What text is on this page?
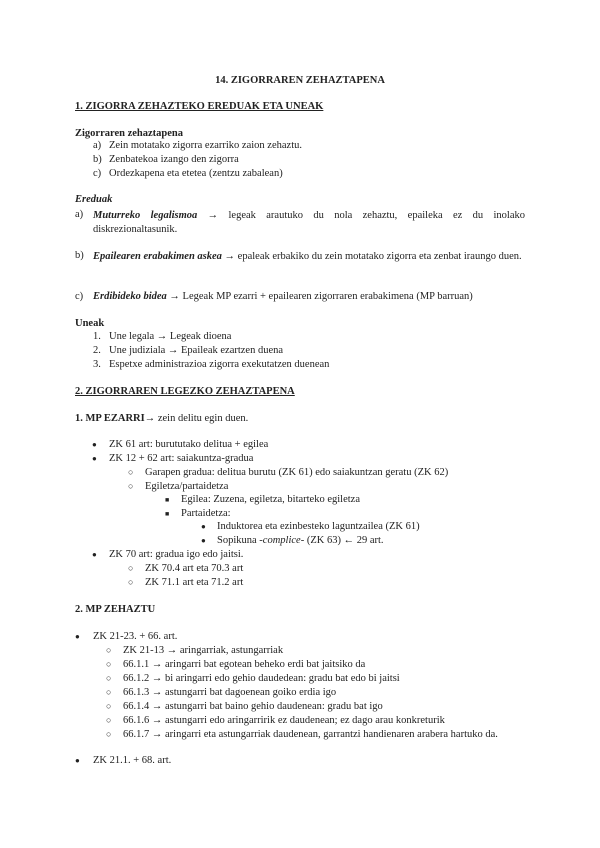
14. ZIGORRAREN ZEHAZTAPENA
1. ZIGORRA ZEHAZTEKO EREDUAK ETA UNEAK
Zigorraren zehaztapena
a) Zein motatako zigorra ezarriko zaion zehaztu.
b) Zenbatekoa izango den zigorra
c) Ordezkapena eta etetea (zentzu zabalean)
Ereduak
a) Muturreko legalismoa → legeak arautuko du nola zehaztu, epaileka ez du inolako diskrezionaltasunik.
b) Epailearen erabakimen askea → epaleak erbakiko du zein motatako zigorra eta zenbat iraungo duen.
c) Erdibideko bidea → Legeak MP ezarri + epailearen zigorraren erabakimena (MP barruan)
Uneak
1. Une legala → Legeak dioena
2. Une judiziala → Epaileak ezartzen duena
3. Espetxe administrazioa zigorra exekutatzen duenean
2. ZIGORRAREN LEGEZKO ZEHAZTAPENA
1. MP EZARRI→ zein delitu egin duen.
● ZK 61 art: burututako delitua + egilea
● ZK 12 + 62 art: saiakuntza-gradua
○ Garapen gradua: delitua burutu (ZK 61) edo saiakuntzan geratu (ZK 62)
○ Egiletza/partaidetza
■ Egilea: Zuzena, egiletza, bitarteko egiletza
■ Partaidetza:
● Induktorea eta ezinbesteko laguntzailea (ZK 61)
● Sopikuna -complice- (ZK 63) ← 29 art.
● ZK 70 art: gradua igo edo jaitsi.
○ ZK 70.4 art eta 70.3 art
○ ZK 71.1 art eta 71.2 art
2. MP ZEHAZTU
● ZK 21-23. + 66. art.
○ ZK 21-13 → aringarriak, astungarriak
○ 66.1.1 → aringarri bat egotean beheko erdi bat jaitsiko da
○ 66.1.2 → bi aringarri edo gehio daudedean: gradu bat edo bi jaitsi
○ 66.1.3 → astungarri bat dagoenean goiko erdia igo
○ 66.1.4 → astungarri bat baino gehio daudenean: gradu bat igo
○ 66.1.6 → astungarri edo aringarririk ez daudenean; ez dago arau konkreturik
○ 66.1.7 → aringarri eta astungarriak daudenean, garrantzi handienaren arabera hartuko da.
● ZK 21.1. + 68. art.
